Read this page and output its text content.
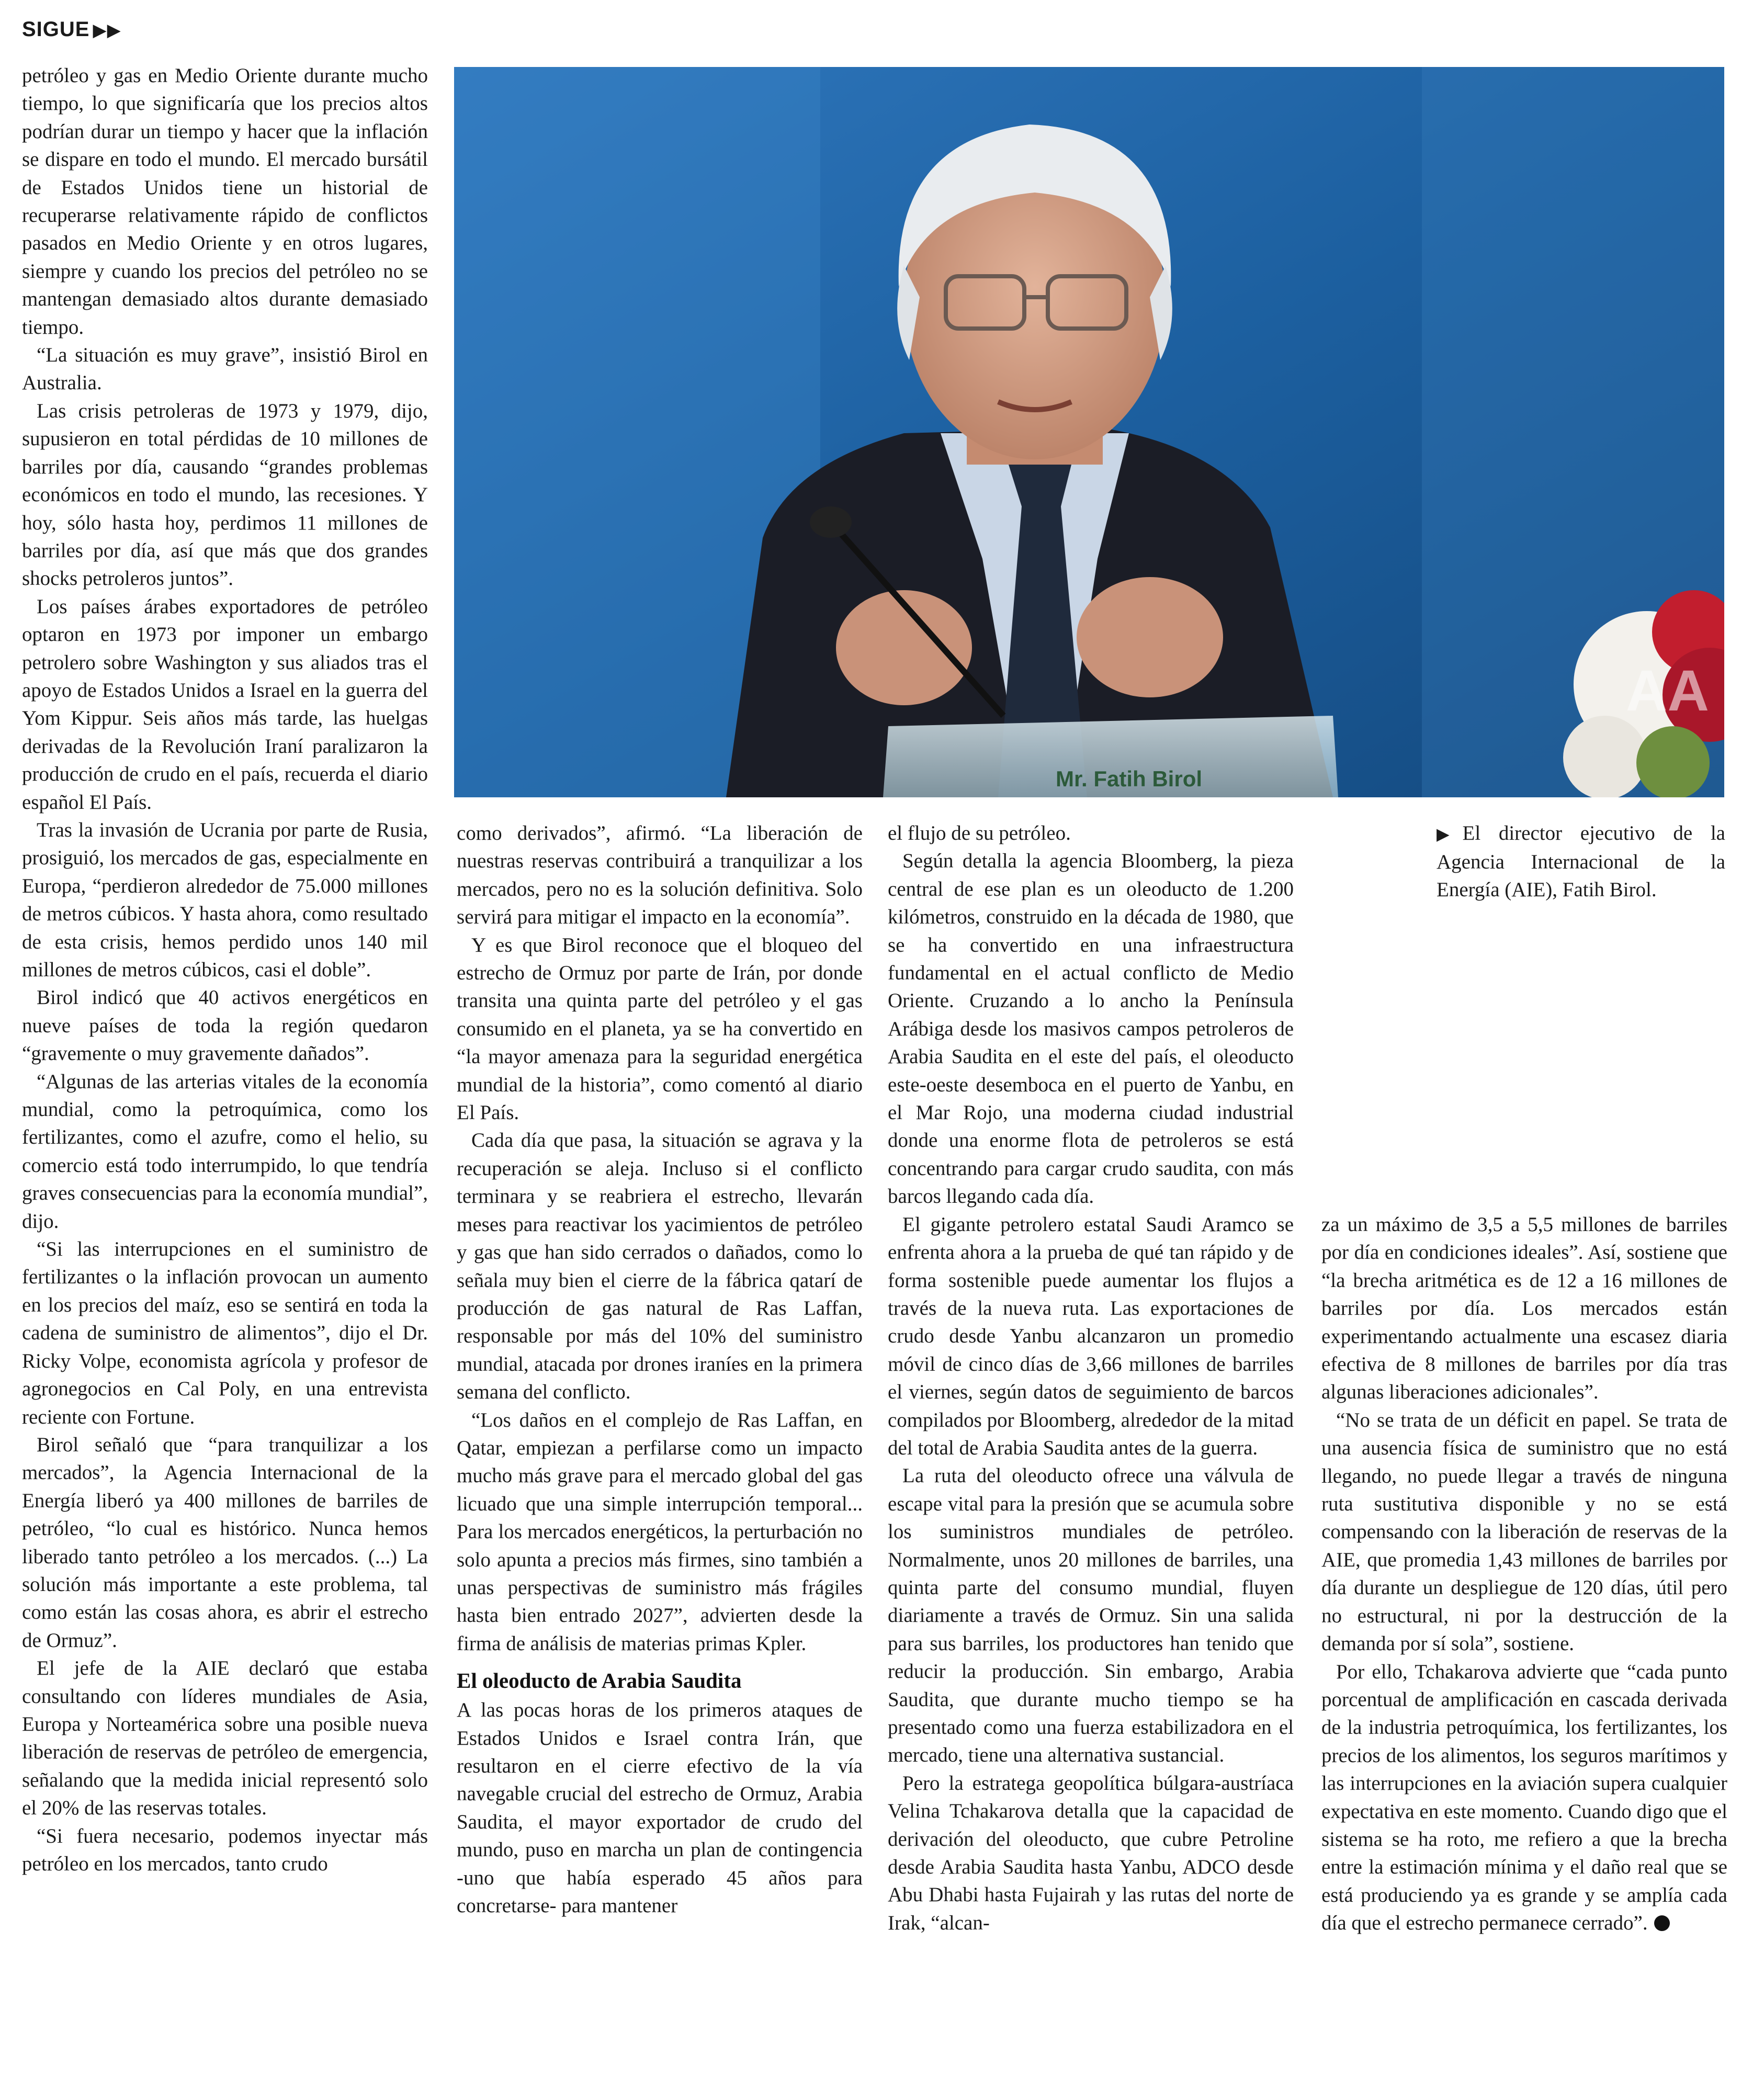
SIGUE ▶▶

petróleo y gas en Medio Oriente durante mucho tiempo, lo que significaría que los precios altos podrían durar un tiempo y hacer que la inflación se dispare en todo el mundo. El mercado bursátil de Estados Unidos tiene un historial de recuperarse relativamente rápido de conflictos pasados en Medio Oriente y en otros lugares, siempre y cuando los precios del petróleo no se mantengan demasiado altos durante demasiado tiempo.

“La situación es muy grave”, insistió Birol en Australia.

Las crisis petroleras de 1973 y 1979, dijo, supusieron en total pérdidas de 10 millones de barriles por día, causando “grandes problemas económicos en todo el mundo, las recesiones. Y hoy, sólo hasta hoy, perdimos 11 millones de barriles por día, así que más que dos grandes shocks petroleros juntos”.

Los países árabes exportadores de petróleo optaron en 1973 por imponer un embargo petrolero sobre Washington y sus aliados tras el apoyo de Estados Unidos a Israel en la guerra del Yom Kippur. Seis años más tarde, las huelgas derivadas de la Revolución Iraní paralizaron la producción de crudo en el país, recuerda el diario español El País.

Tras la invasión de Ucrania por parte de Rusia, prosiguió, los mercados de gas, especialmente en Europa, “perdieron alrededor de 75.000 millones de metros cúbicos. Y hasta ahora, como resultado de esta crisis, hemos perdido unos 140 mil millones de metros cúbicos, casi el doble”.

Birol indicó que 40 activos energéticos en nueve países de toda la región quedaron “gravemente o muy gravemente dañados”.

“Algunas de las arterias vitales de la economía mundial, como la petroquímica, como los fertilizantes, como el azufre, como el helio, su comercio está todo interrumpido, lo que tendría graves consecuencias para la economía mundial”, dijo.

“Si las interrupciones en el suministro de fertilizantes o la inflación provocan un aumento en los precios del maíz, eso se sentirá en toda la cadena de suministro de alimentos”, dijo el Dr. Ricky Volpe, economista agrícola y profesor de agronegocios en Cal Poly, en una entrevista reciente con Fortune.

Birol señaló que “para tranquilizar a los mercados”, la Agencia Internacional de la Energía liberó ya 400 millones de barriles de petróleo, “lo cual es histórico. Nunca hemos liberado tanto petróleo a los mercados. (...) La solución más importante a este problema, tal como están las cosas ahora, es abrir el estrecho de Ormuz”.

El jefe de la AIE declaró que estaba consultando con líderes mundiales de Asia, Europa y Norteamérica sobre una posible nueva liberación de reservas de petróleo de emergencia, señalando que la medida inicial representó solo el 20% de las reservas totales.

“Si fuera necesario, podemos inyectar más petróleo en los mercados, tanto crudo

Mr. Fatih Birol
AA
▶El director ejecutivo de la Agencia Internacional de la Energía (AIE), Fatih Birol.

como derivados”, afirmó. “La liberación de nuestras reservas contribuirá a tranquilizar a los mercados, pero no es la solución definitiva. Solo servirá para mitigar el impacto en la economía”.

Y es que Birol reconoce que el bloqueo del estrecho de Ormuz por parte de Irán, por donde transita una quinta parte del petróleo y el gas consumido en el planeta, ya se ha convertido en “la mayor amenaza para la seguridad energética mundial de la historia”, como comentó al diario El País.

Cada día que pasa, la situación se agrava y la recuperación se aleja. Incluso si el conflicto terminara y se reabriera el estrecho, llevarán meses para reactivar los yacimientos de petróleo y gas que han sido cerrados o dañados, como lo señala muy bien el cierre de la fábrica qatarí de producción de gas natural de Ras Laffan, responsable por más del 10% del suministro mundial, atacada por drones iraníes en la primera semana del conflicto.

“Los daños en el complejo de Ras Laffan, en Qatar, empiezan a perfilarse como un impacto mucho más grave para el mercado global del gas licuado que una simple interrupción temporal... Para los mercados energéticos, la perturbación no solo apunta a precios más firmes, sino también a unas perspectivas de suministro más frágiles hasta bien entrado 2027”, advierten desde la firma de análisis de materias primas Kpler.

El oleoducto de Arabia Saudita

A las pocas horas de los primeros ataques de Estados Unidos e Israel contra Irán, que resultaron en el cierre efectivo de la vía navegable crucial del estrecho de Ormuz, Arabia Saudita, el mayor exportador de crudo del mundo, puso en marcha un plan de contingencia -uno que había esperado 45 años para concretarse- para mantener

el flujo de su petróleo.

Según detalla la agencia Bloomberg, la pieza central de ese plan es un oleoducto de 1.200 kilómetros, construido en la década de 1980, que se ha convertido en una infraestructura fundamental en el actual conflicto de Medio Oriente. Cruzando a lo ancho la Península Arábiga desde los masivos campos petroleros de Arabia Saudita en el este del país, el oleoducto este-oeste desemboca en el puerto de Yanbu, en el Mar Rojo, una moderna ciudad industrial donde una enorme flota de petroleros se está concentrando para cargar crudo saudita, con más barcos llegando cada día.

El gigante petrolero estatal Saudi Aramco se enfrenta ahora a la prueba de qué tan rápido y de forma sostenible puede aumentar los flujos a través de la nueva ruta. Las exportaciones de crudo desde Yanbu alcanzaron un promedio móvil de cinco días de 3,66 millones de barriles el viernes, según datos de seguimiento de barcos compilados por Bloomberg, alrededor de la mitad del total de Arabia Saudita antes de la guerra.

La ruta del oleoducto ofrece una válvula de escape vital para la presión que se acumula sobre los suministros mundiales de petróleo. Normalmente, unos 20 millones de barriles, una quinta parte del consumo mundial, fluyen diariamente a través de Ormuz. Sin una salida para sus barriles, los productores han tenido que reducir la producción. Sin embargo, Arabia Saudita, que durante mucho tiempo se ha presentado como una fuerza estabilizadora en el mercado, tiene una alternativa sustancial.

Pero la estratega geopolítica búlgara-austríaca Velina Tchakarova detalla que la capacidad de derivación del oleoducto, que cubre Petroline desde Arabia Saudita hasta Yanbu, ADCO desde Abu Dhabi hasta Fujairah y las rutas del norte de Irak, “alcan-

za un máximo de 3,5 a 5,5 millones de barriles por día en condiciones ideales”. Así, sostiene que “la brecha aritmética es de 12 a 16 millones de barriles por día. Los mercados están experimentando actualmente una escasez diaria efectiva de 8 millones de barriles por día tras algunas liberaciones adicionales”.

“No se trata de un déficit en papel. Se trata de una ausencia física de suministro que no está llegando, no puede llegar a través de ninguna ruta sustitutiva disponible y no se está compensando con la liberación de reservas de la AIE, que promedia 1,43 millones de barriles por día durante un despliegue de 120 días, útil pero no estructural, ni por la destrucción de la demanda por sí sola”, sostiene.

Por ello, Tchakarova advierte que “cada punto porcentual de amplificación en cascada derivada de la industria petroquímica, los fertilizantes, los precios de los alimentos, los seguros marítimos y las interrupciones en la aviación supera cualquier expectativa en este momento. Cuando digo que el sistema se ha roto, me refiero a que la brecha entre la estimación mínima y el daño real que se está produciendo ya es grande y se amplía cada día que el estrecho permanece cerrado”.
